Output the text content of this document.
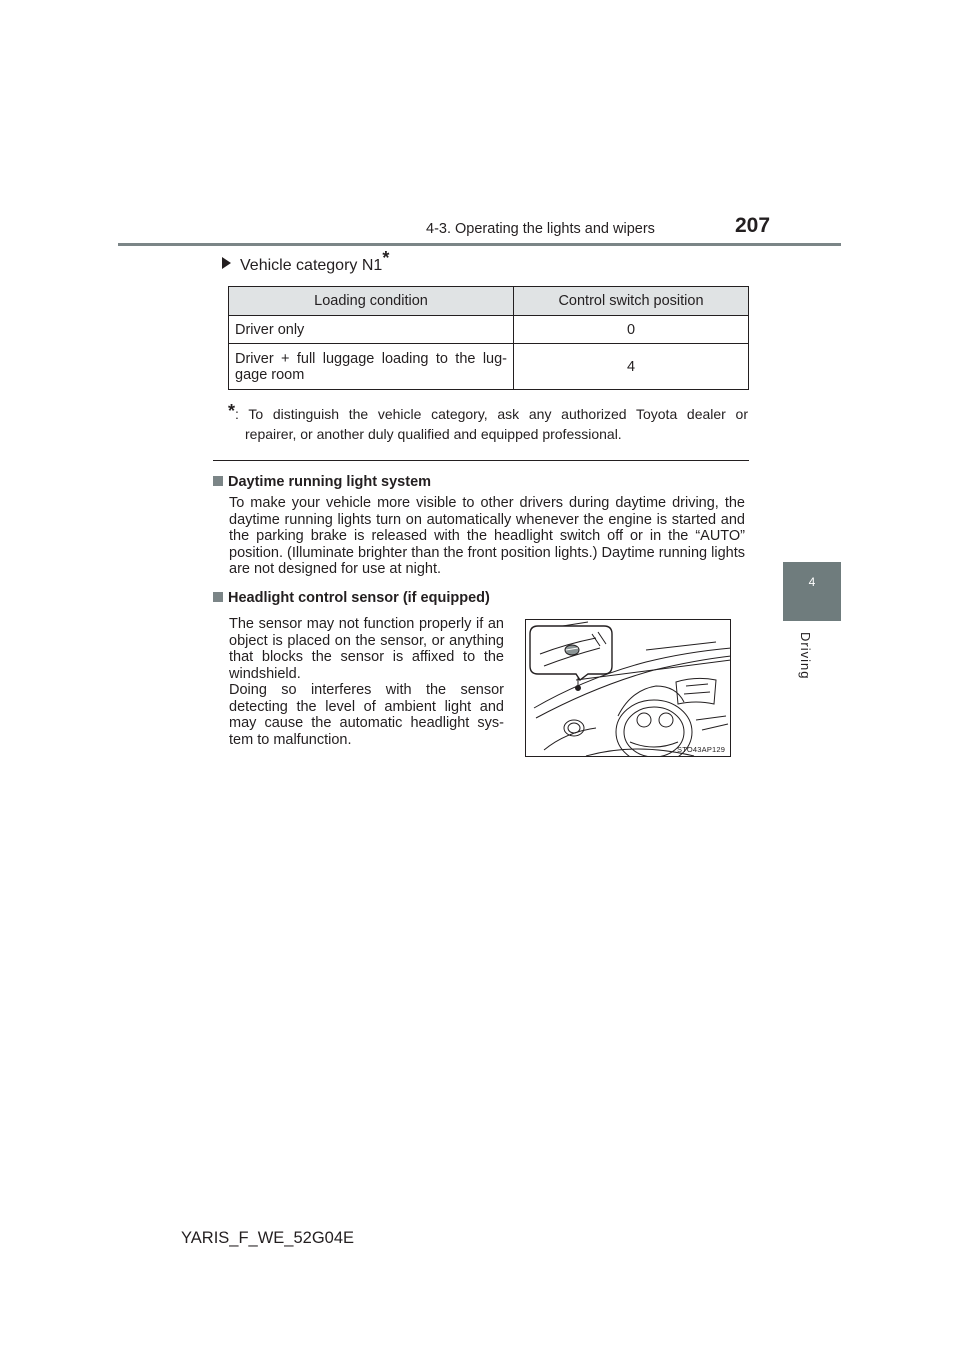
4-3. Operating the lights and wipers	207
4
Driving
Vehicle category N1*
Loading condition	Control switch position
Driver only	0

Driver + full luggage loading to the lug-
gage room	4
*: To distinguish the vehicle category, ask any authorized Toyota dealer or
repairer, or another duly qualified and equipped professional.
Daytime running light system
To make your vehicle more visible to other drivers during daytime driving, the daytime running lights turn on automatically whenever the engine is started and the parking brake is released with the headlight switch off or in the “AUTO” position. (Illuminate brighter than the front position lights.) Daytime running lights are not designed for use at night.
Headlight control sensor (if equipped)
The sensor may not function properly if an object is placed on the sensor, or anything that blocks the sensor is affixed to the windshield.
Doing so interferes with the sensor detecting the level of ambient light and may cause the automatic headlight sys-tem to malfunction.
STO43AP129
YARIS_F_WE_52G04E
